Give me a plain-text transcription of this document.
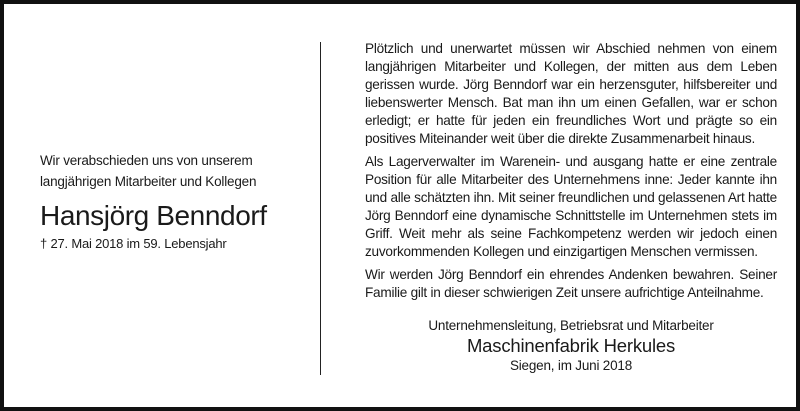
Wir verabschieden uns von unserem
langjährigen Mitarbeiter und Kollegen
Hansjörg Benndorf
† 27. Mai 2018 im 59. Lebensjahr

Plötzlich und unerwartet müssen wir Abschied nehmen von einem langjährigen Mitarbeiter und Kollegen, der mitten aus dem Leben gerissen wurde. Jörg Benndorf war ein herzensguter, hilfsbereiter und liebenswerter Mensch. Bat man ihn um einen Gefallen, war er schon erledigt; er hatte für jeden ein freundliches Wort und prägte so ein positives Miteinander weit über die direkte Zusammenarbeit hinaus.

Als Lagerverwalter im Warenein- und ausgang hatte er eine zentrale Position für alle Mitarbeiter des Unternehmens inne: Jeder kannte ihn und alle schätzten ihn. Mit seiner freundlichen und gelassenen Art hatte Jörg Benndorf eine dynamische Schnittstelle im Unternehmen stets im Griff. Weit mehr als seine Fachkompetenz werden wir jedoch einen zuvorkommenden Kollegen und einzigartigen Menschen vermissen.

Wir werden Jörg Benndorf ein ehrendes Andenken bewahren. Seiner Familie gilt in dieser schwierigen Zeit unsere aufrichtige Anteilnahme.

Unternehmensleitung, Betriebsrat und Mitarbeiter
Maschinenfabrik Herkules
Siegen, im Juni 2018
